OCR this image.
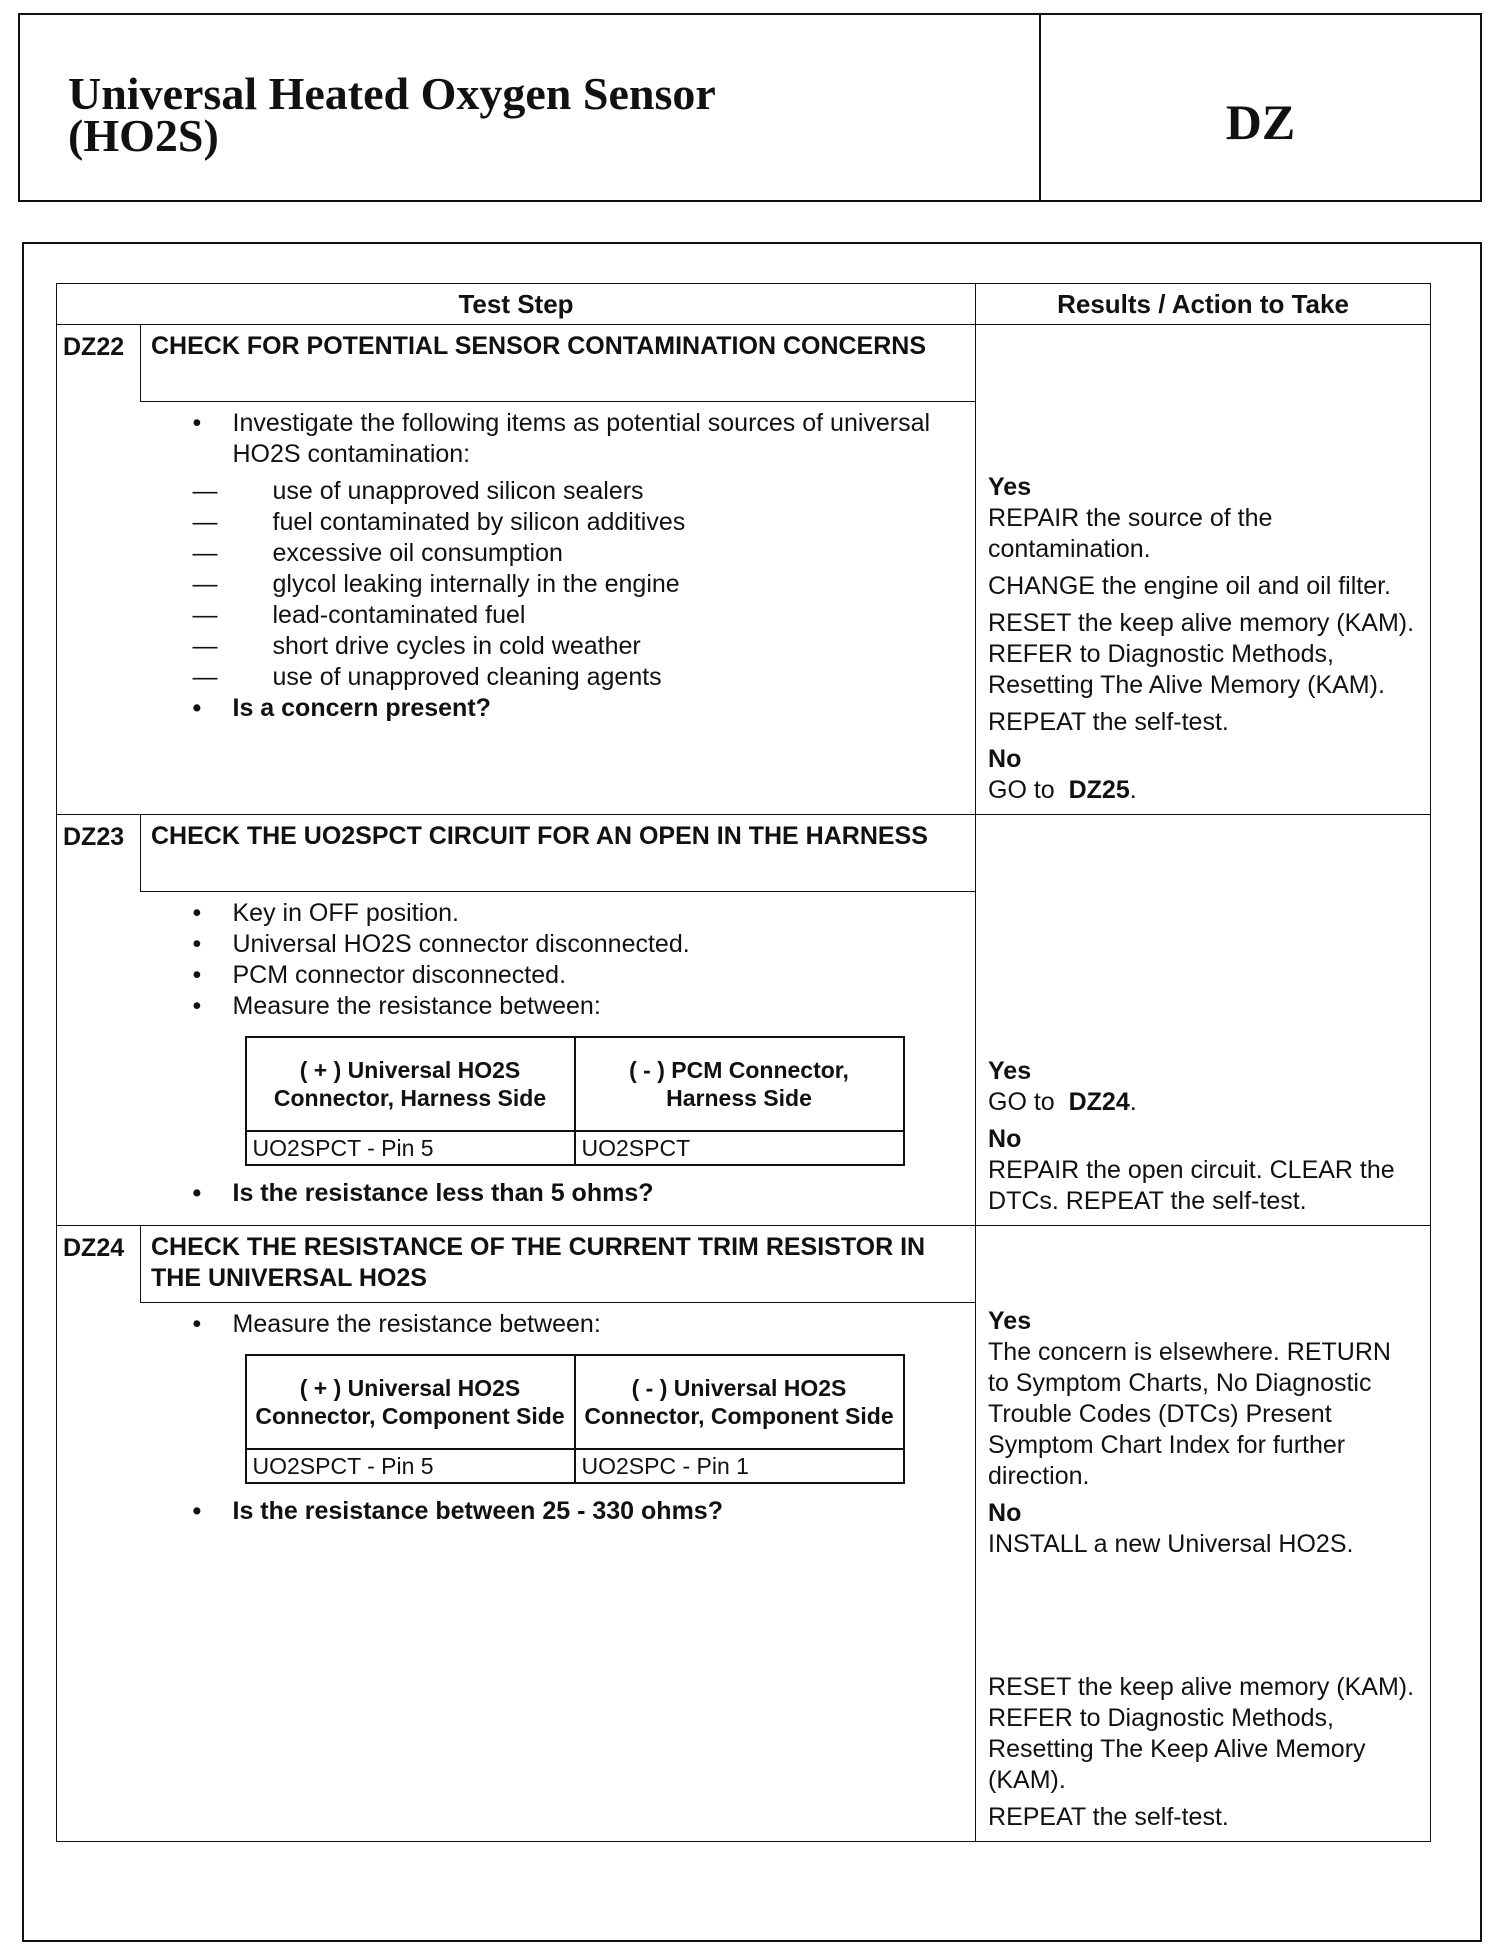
Universal Heated Oxygen Sensor
(HO2S)	DZ
Test Step	Results / Action to Take
DZ22	CHECK FOR POTENTIAL SENSOR CONTAMINATION CONCERNS	
Yes
REPAIR the source of the contamination.
CHANGE the engine oil and oil filter.
RESET the keep alive memory (KAM). REFER to Diagnostic Methods, Resetting The Alive Memory (KAM).
REPEAT the self-test.
No
GO to DZ25.

• Investigate the following items as potential sources of universal HO2S contamination:
— use of unapproved silicon sealers
— fuel contaminated by silicon additives
— excessive oil consumption
— glycol leaking internally in the engine
— lead-contaminated fuel
— short drive cycles in cold weather
— use of unapproved cleaning agents
• Is a concern present?

DZ23	CHECK THE UO2SPCT CIRCUIT FOR AN OPEN IN THE HARNESS	
Yes
GO to DZ24.
No
REPAIR the open circuit. CLEAR the DTCs. REPEAT the self-test.

• Key in OFF position.
• Universal HO2S connector disconnected.
• PCM connector disconnected.
• Measure the resistance between:
( + ) Universal HO2S Connector, Harness Side	( - ) PCM Connector, Harness Side
UO2SPCT - Pin 5	UO2SPCT
• Is the resistance less than 5 ohms?

DZ24	CHECK THE RESISTANCE OF THE CURRENT TRIM RESISTOR IN THE UNIVERSAL HO2S	
Yes
The concern is elsewhere. RETURN to Symptom Charts, No Diagnostic Trouble Codes (DTCs) Present Symptom Chart Index for further direction.
No
INSTALL a new Universal HO2S.
RESET the keep alive memory (KAM). REFER to Diagnostic Methods, Resetting The Keep Alive Memory (KAM).
REPEAT the self-test.

• Measure the resistance between:
( + ) Universal HO2S Connector, Component Side	( - ) Universal HO2S Connector, Component Side
UO2SPCT - Pin 5	UO2SPC - Pin 1
• Is the resistance between 25 - 330 ohms?
